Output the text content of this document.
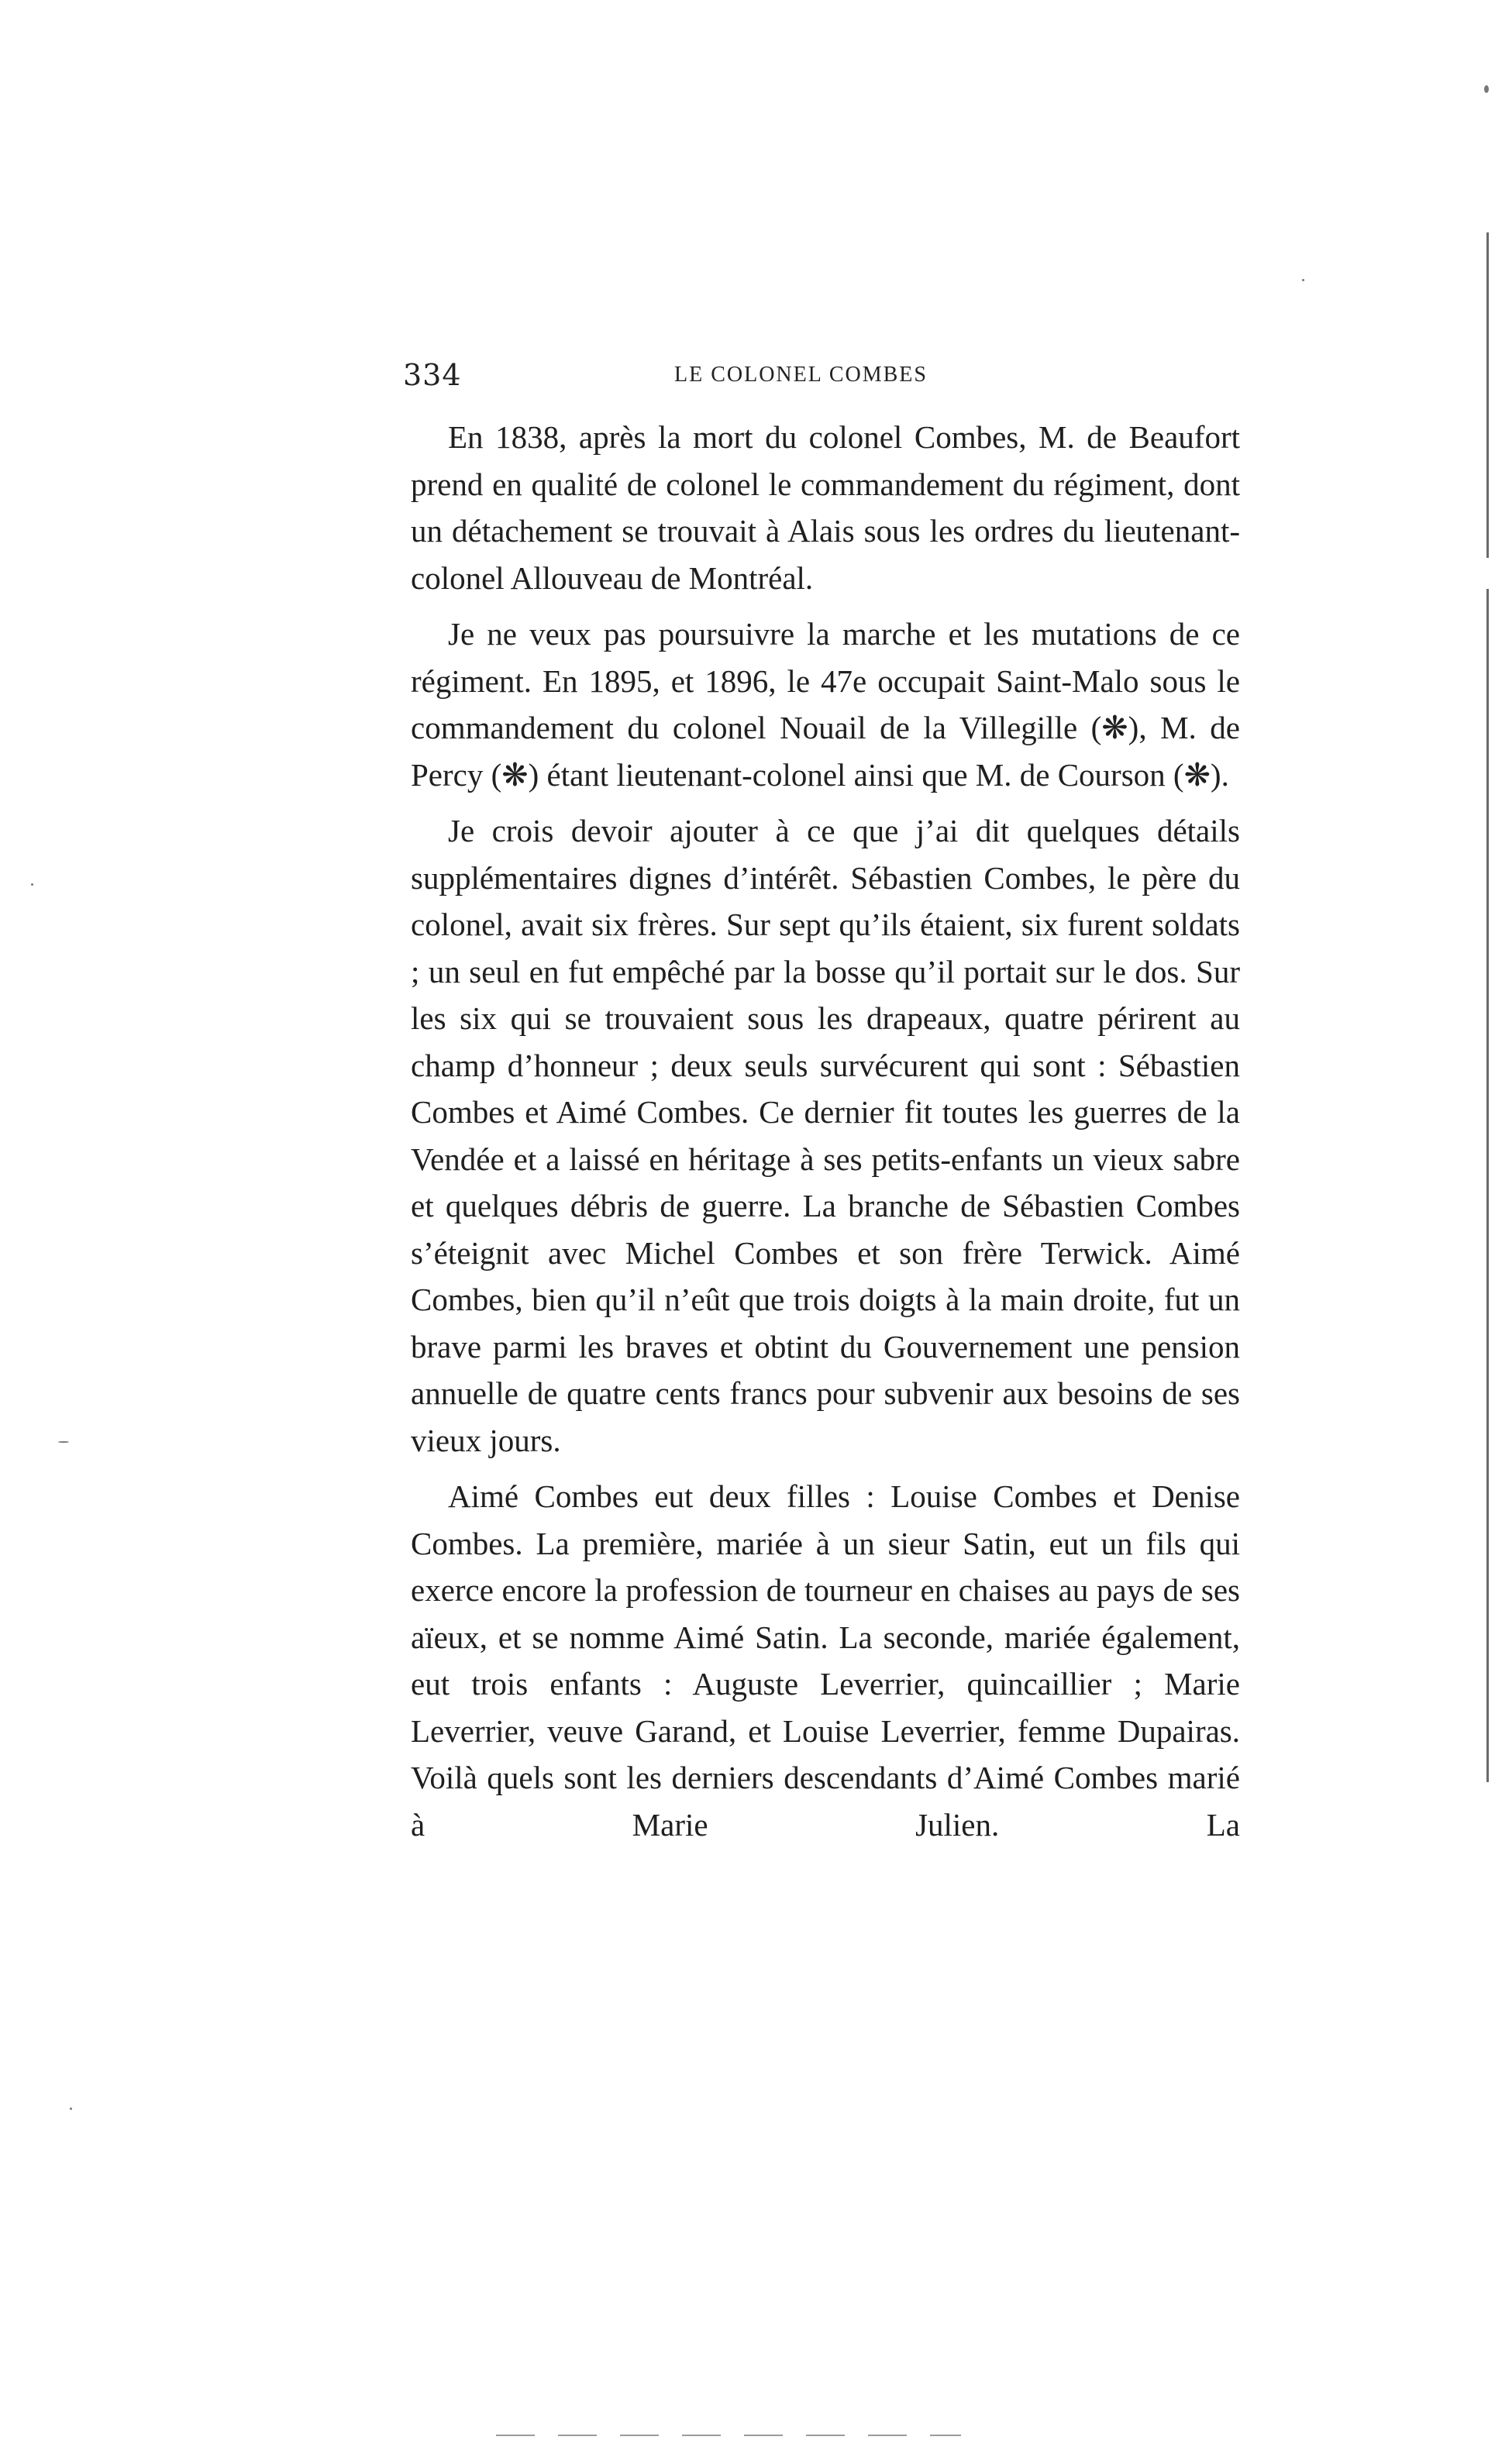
334	LE COLONEL COMBES

En 1838, après la mort du colonel Combes, M. de Beaufort prend en qualité de colonel le commandement du régiment, dont un détachement se trouvait à Alais sous les ordres du lieutenant-colonel Allouveau de Montréal.

Je ne veux pas poursuivre la marche et les mutations de ce régiment. En 1895, et 1896, le 47e occupait Saint-Malo sous le commandement du colonel Nouail de la Villegille (❋), M. de Percy (❋) étant lieutenant-colonel ainsi que M. de Courson (❋).

Je crois devoir ajouter à ce que j’ai dit quelques détails supplémentaires dignes d’intérêt. Sébastien Combes, le père du colonel, avait six frères. Sur sept qu’ils étaient, six furent soldats ; un seul en fut empêché par la bosse qu’il portait sur le dos. Sur les six qui se trouvaient sous les drapeaux, quatre périrent au champ d’honneur ; deux seuls survécurent qui sont : Sébastien Combes et Aimé Combes. Ce dernier fit toutes les guerres de la Vendée et a laissé en héritage à ses petits-enfants un vieux sabre et quelques débris de guerre. La branche de Sébastien Combes s’éteignit avec Michel Combes et son frère Terwick. Aimé Combes, bien qu’il n’eût que trois doigts à la main droite, fut un brave parmi les braves et obtint du Gouvernement une pension annuelle de quatre cents francs pour subvenir aux besoins de ses vieux jours.

Aimé Combes eut deux filles : Louise Combes et Denise Combes. La première, mariée à un sieur Satin, eut un fils qui exerce encore la profession de tourneur en chaises au pays de ses aïeux, et se nomme Aimé Satin. La seconde, mariée également, eut trois enfants : Auguste Leverrier, quincaillier ; Marie Leverrier, veuve Garand, et Louise Leverrier, femme Dupairas. Voilà quels sont les derniers descendants d’Aimé Combes marié à Marie Julien. La
